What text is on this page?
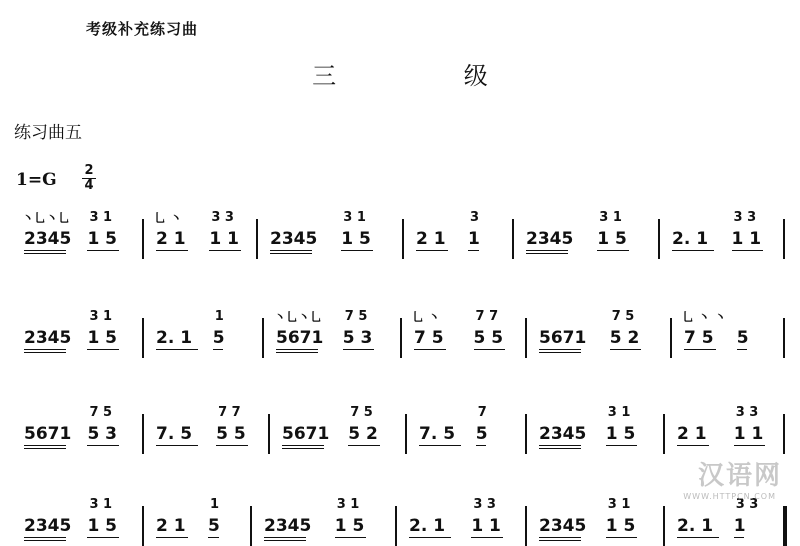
考级补充练习曲
三 级
练习曲五
1=G 2
4
2345 1 5
3 1
丶乚丶乚
2 1 1 1
3 3
乚 丶
2345 1 5
3 1
2 1 1
3
2345 1 5
3 1
2. 1 1 1
3 3
2345 1 5
3 1
2. 1 5
1
5671 5 3
7 5
丶乚丶乚
7 5 5 5
7 7
乚 丶
5671 5 2
7 5
7 5 5
乚 丶 丶
5671 5 3
7 5
7. 5 5 5
7 7
5671 5 2
7 5
7. 5 5
7
2345 1 5
3 1
2 1 1 1
3 3
2345 1 5
3 1
2 1 5
1
2345 1 5
3 1
2. 1 1 1
3 3
2345 1 5
3 1
2. 1 1
3 3
汉语网
WWW.HTTPCN.COM
